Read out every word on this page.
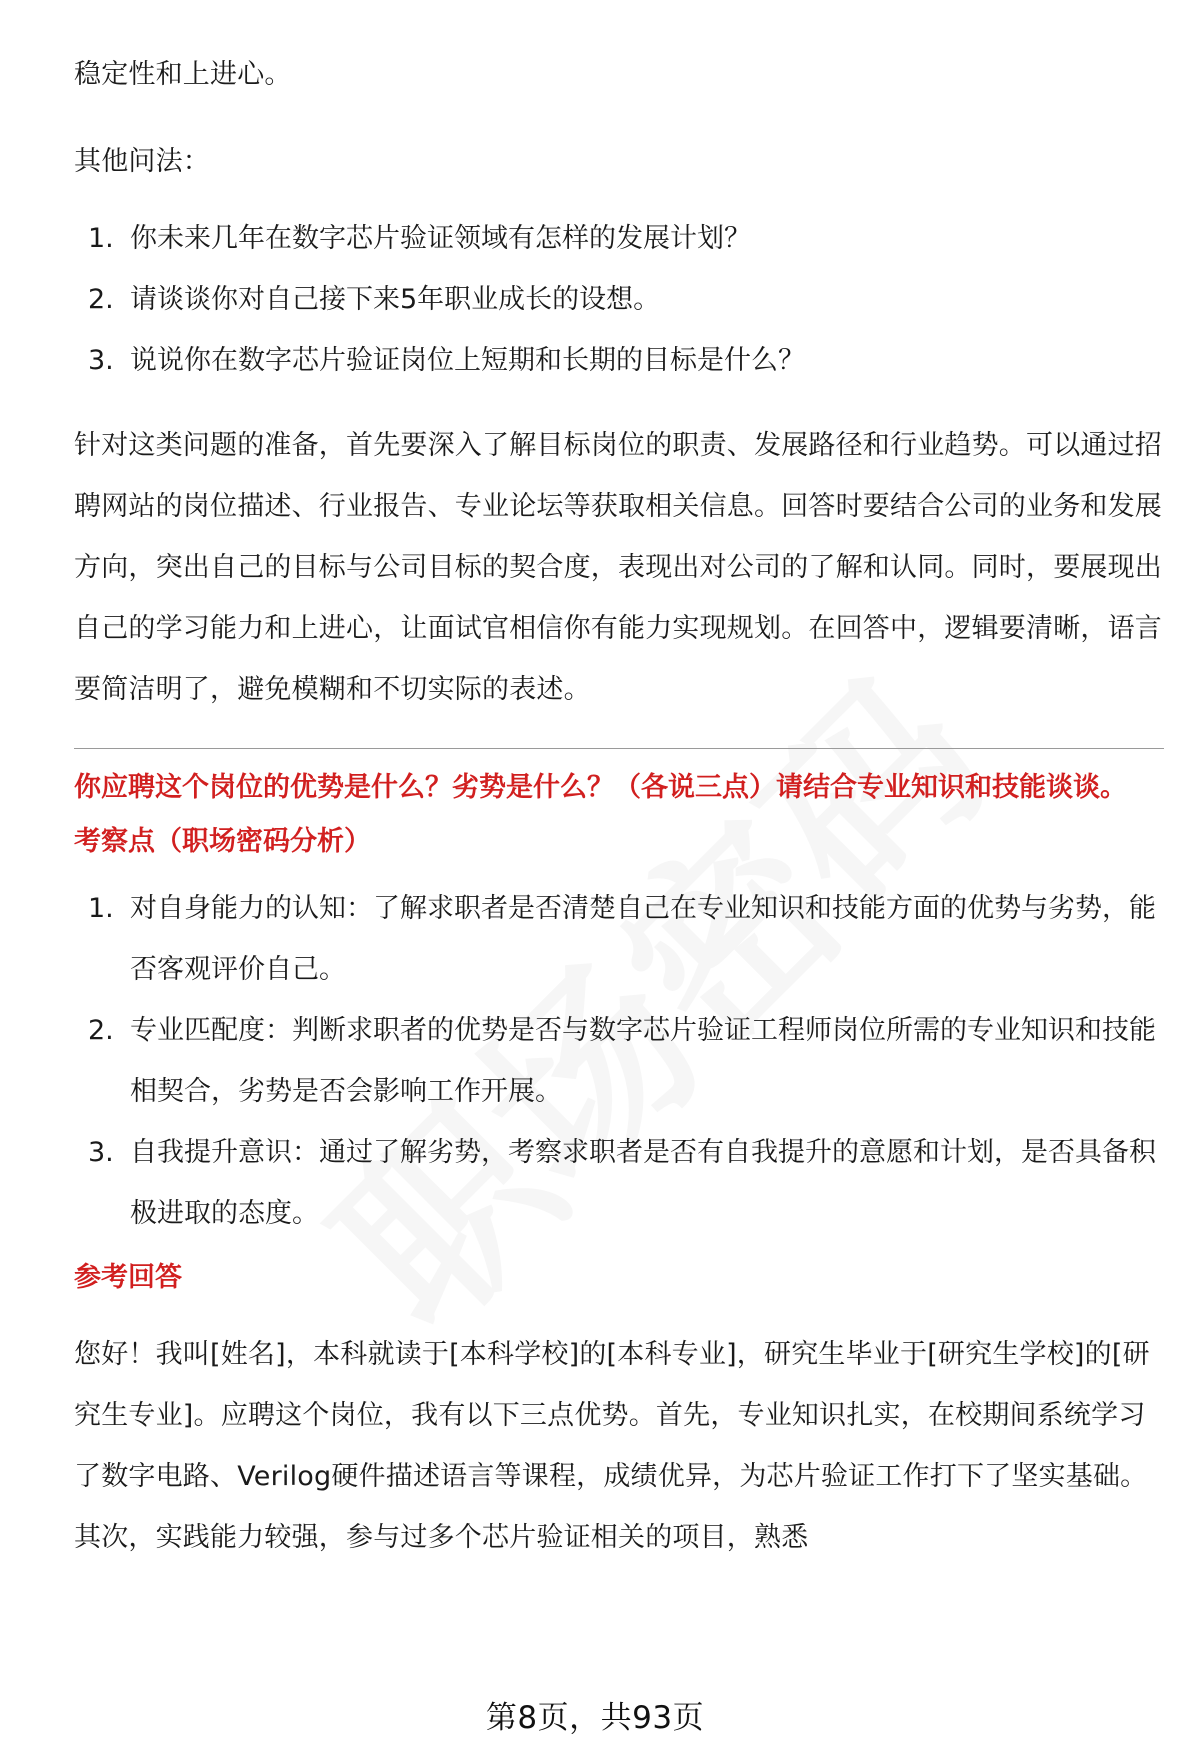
稳定性和上进心。

其他问法：

1. 你未来几年在数字芯片验证领域有怎样的发展计划？
2. 请谈谈你对自己接下来5年职业成长的设想。
3. 说说你在数字芯片验证岗位上短期和长期的目标是什么？

针对这类问题的准备，首先要深入了解目标岗位的职责、发展路径和行业趋势。可以通过招聘网站的岗位描述、行业报告、专业论坛等获取相关信息。回答时要结合公司的业务和发展方向，突出自己的目标与公司目标的契合度，表现出对公司的了解和认同。同时，要展现出自己的学习能力和上进心，让面试官相信你有能力实现规划。在回答中，逻辑要清晰，语言要简洁明了，避免模糊和不切实际的表述。

你应聘这个岗位的优势是什么？劣势是什么？（各说三点）请结合专业知识和技能谈谈。

考察点（职场密码分析）

1. 对自身能力的认知：了解求职者是否清楚自己在专业知识和技能方面的优势与劣势，能否客观评价自己。
2. 专业匹配度：判断求职者的优势是否与数字芯片验证工程师岗位所需的专业知识和技能相契合，劣势是否会影响工作开展。
3. 自我提升意识：通过了解劣势，考察求职者是否有自我提升的意愿和计划，是否具备积极进取的态度。

参考回答

您好！我叫[姓名]，本科就读于[本科学校]的[本科专业]，研究生毕业于[研究生学校]的[研究生专业]。应聘这个岗位，我有以下三点优势。首先，专业知识扎实，在校期间系统学习了数字电路、Verilog硬件描述语言等课程，成绩优异，为芯片验证工作打下了坚实基础。其次，实践能力较强，参与过多个芯片验证相关的项目，熟悉

第8页，共93页
